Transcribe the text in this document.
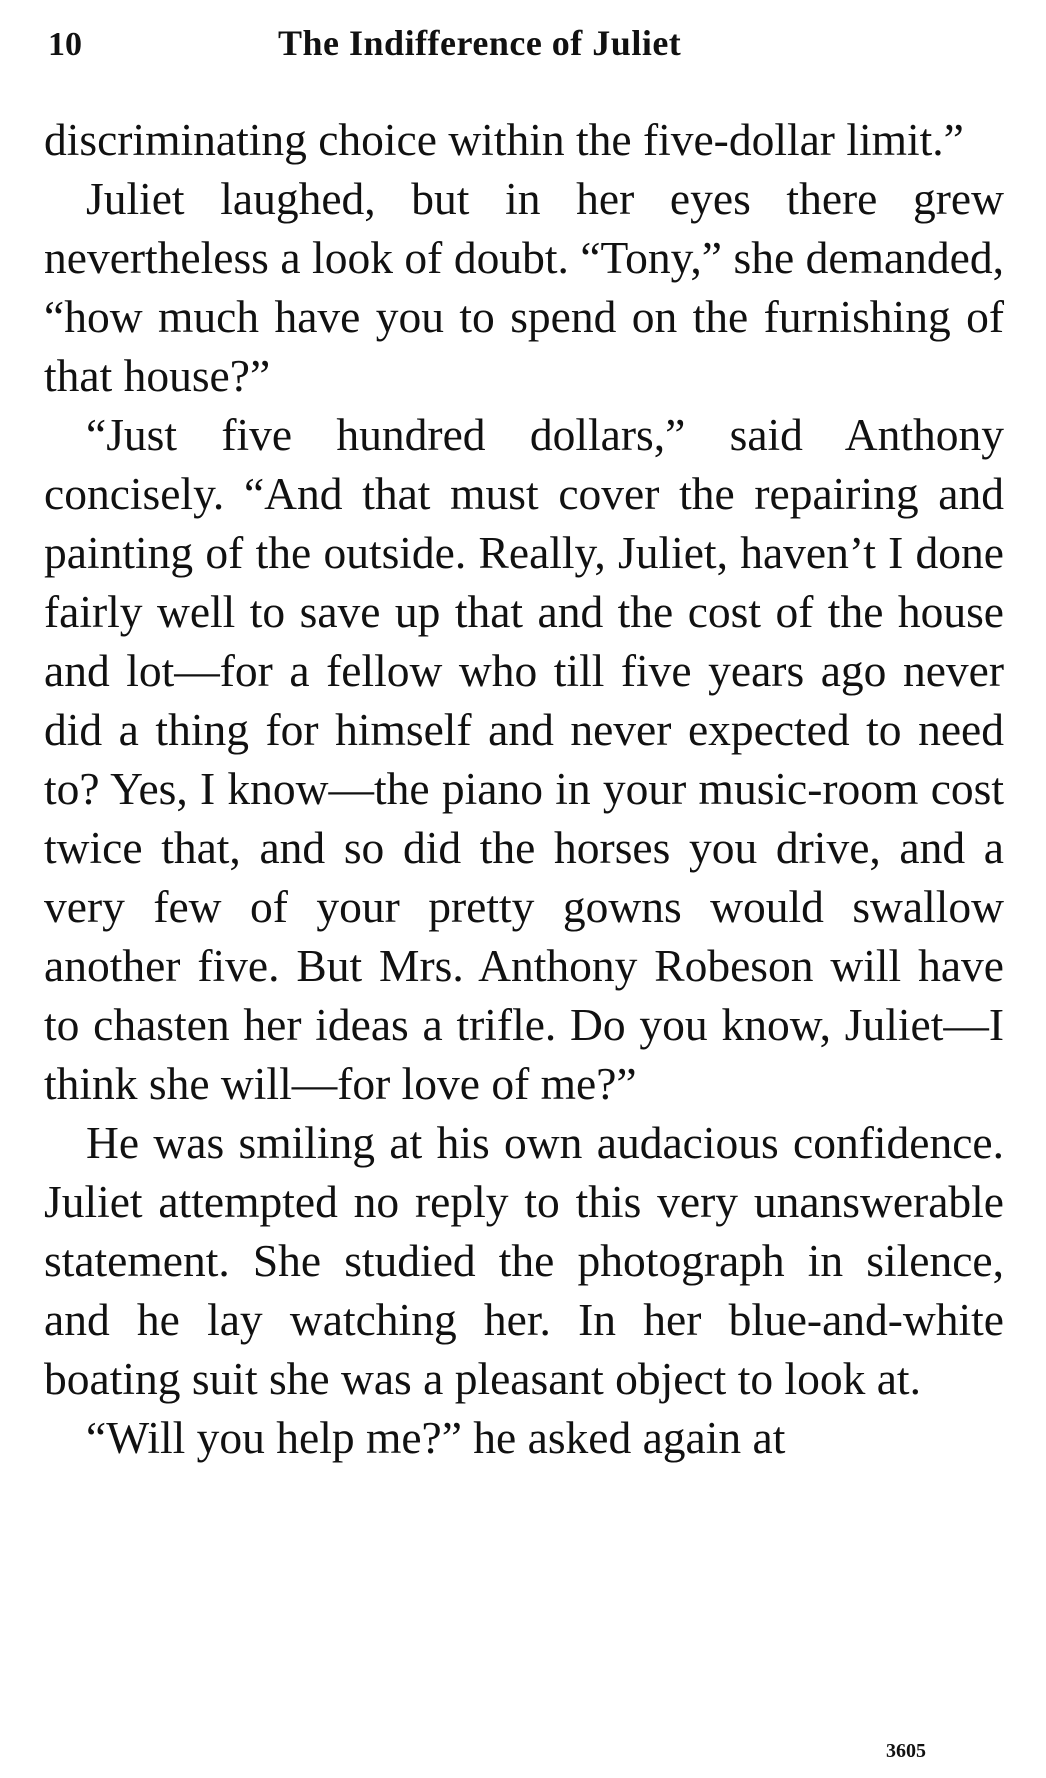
10	The Indifference of Juliet

discriminating choice within the five-dollar limit.”

Juliet laughed, but in her eyes there grew nevertheless a look of doubt. “Tony,” she demanded, “how much have you to spend on the furnishing of that house?”

“Just five hundred dollars,” said Anthony concisely. “And that must cover the repairing and painting of the outside. Really, Juliet, haven’t I done fairly well to save up that and the cost of the house and lot—for a fellow who till five years ago never did a thing for himself and never expected to need to? Yes, I know—the piano in your music-room cost twice that, and so did the horses you drive, and a very few of your pretty gowns would swallow another five. But Mrs. Anthony Robeson will have to chasten her ideas a trifle. Do you know, Juliet—I think she will—for love of me?”

He was smiling at his own audacious confidence. Juliet attempted no reply to this very unanswerable statement. She studied the photograph in silence, and he lay watching her. In her blue-and-white boating suit she was a pleasant object to look at.

“Will you help me?” he asked again at

3605
